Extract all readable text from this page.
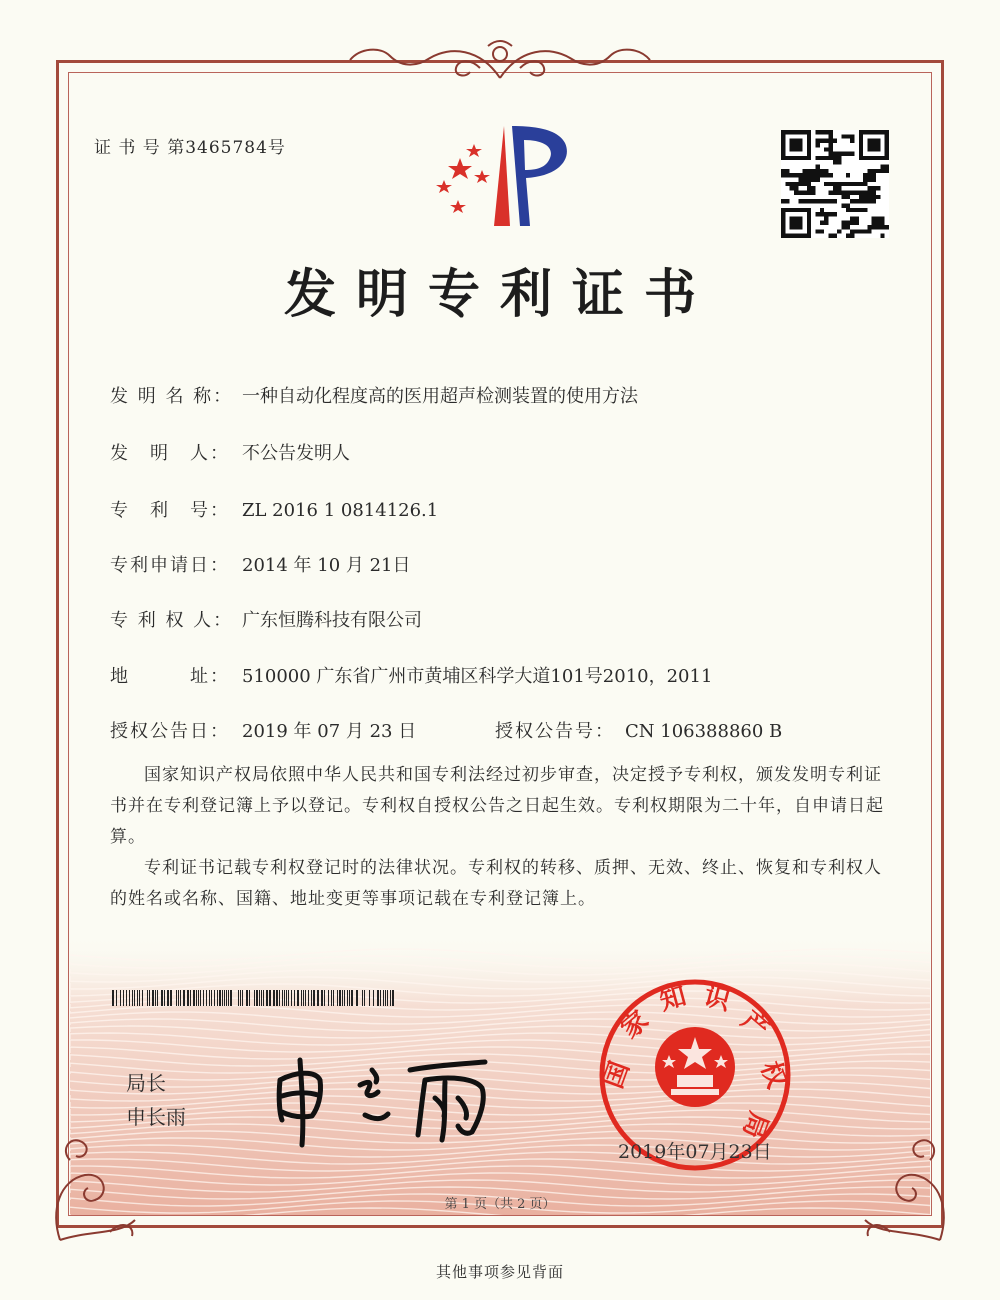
证 书 号 第3465784号
发明专利证书
发 明 名 称： 一种自动化程度高的医用超声检测装置的使用方法
发　明　人： 不公告发明人
专　利　号： ZL 2016 1 0814126.1
专利申请日： 2014 年 10 月 21日
专 利 权 人： 广东恒腾科技有限公司
地　　　址： 510000 广东省广州市黄埔区科学大道101号2010，2011
授权公告日： 2019 年 07 月 23 日	授权公告号： CN 106388860 B

国家知识产权局依照中华人民共和国专利法经过初步审查，决定授予专利权，颁发发明专利证书并在专利登记簿上予以登记。专利权自授权公告之日起生效。专利权期限为二十年，自申请日起算。

专利证书记载专利权登记时的法律状况。专利权的转移、质押、无效、终止、恢复和专利权人的姓名或名称、国籍、地址变更等事项记载在专利登记簿上。

局长
申长雨
国
家
知 识
产
权
局
2019年07月23日
第 1 页（共 2 页）
其他事项参见背面
